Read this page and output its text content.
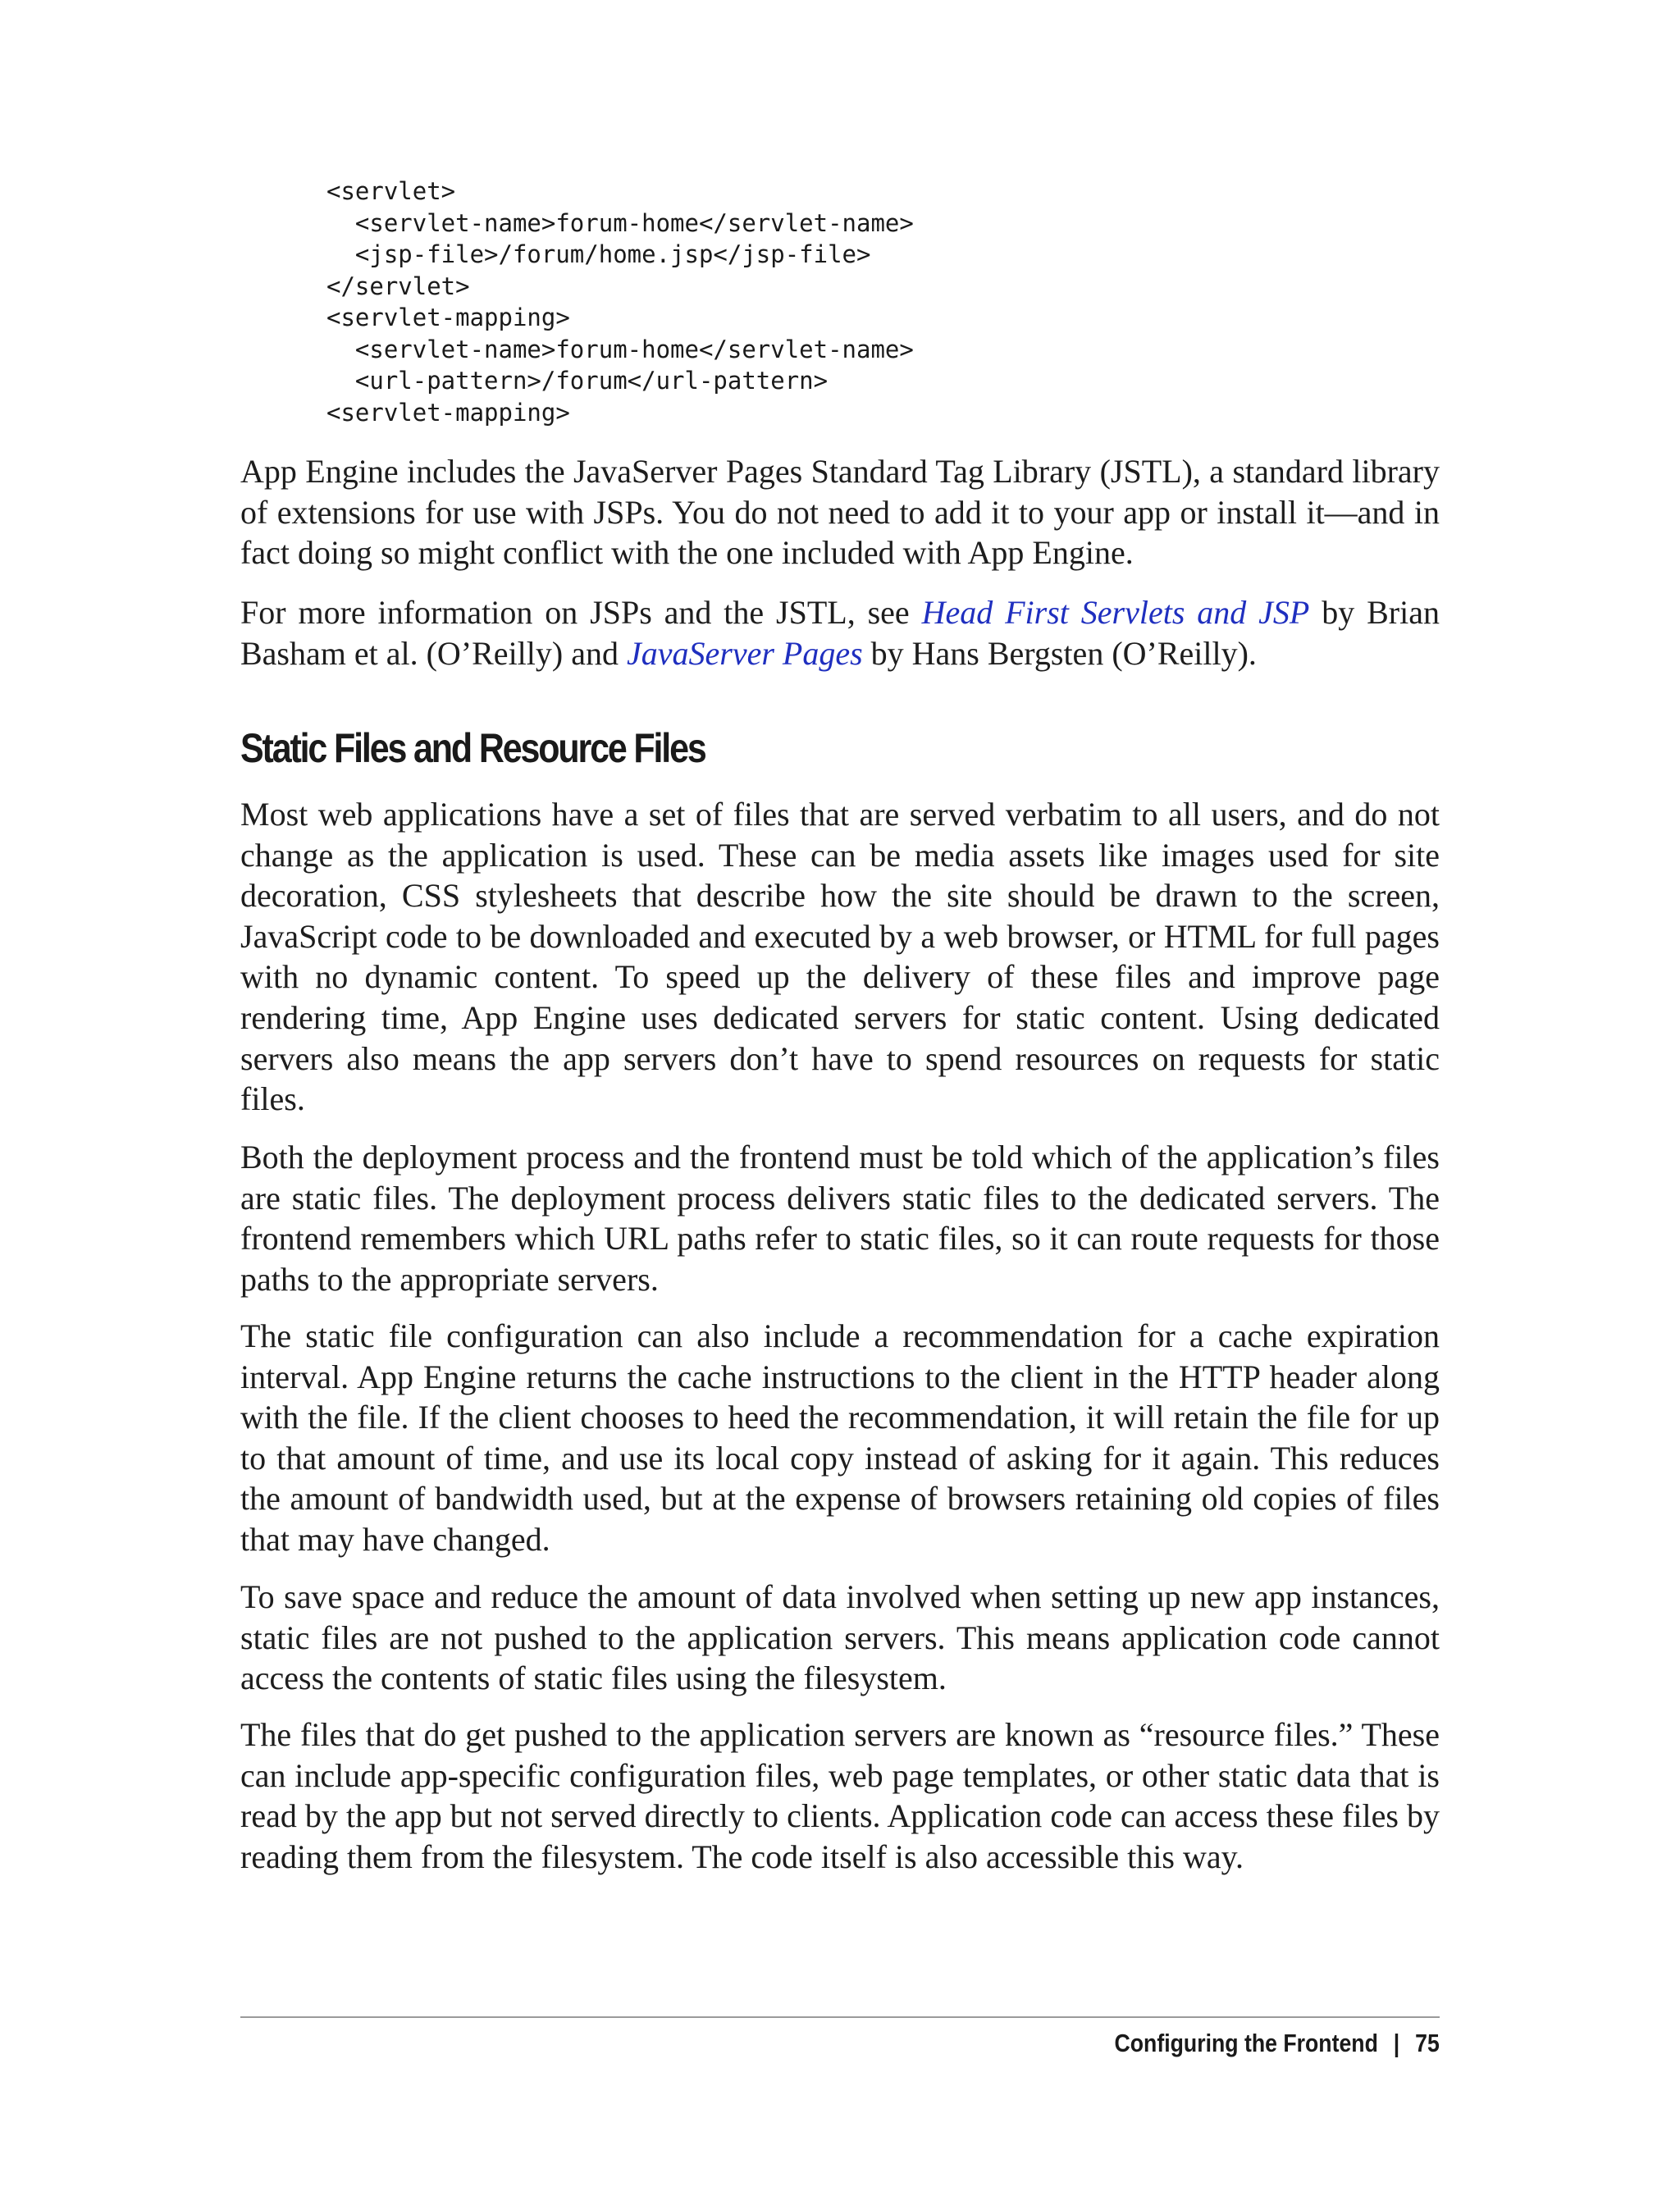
<servlet>
<servlet-name>forum-home</servlet-name>
<jsp-file>/forum/home.jsp</jsp-file>
</servlet>
<servlet-mapping>
<servlet-name>forum-home</servlet-name>
<url-pattern>/forum</url-pattern>
<servlet-mapping>

App Engine includes the JavaServer Pages Standard Tag Library (JSTL), a standard library of extensions for use with JSPs. You do not need to add it to your app or install it—and in fact doing so might conflict with the one included with App Engine.

For more information on JSPs and the JSTL, see Head First Servlets and JSP by Brian Basham et al. (O’Reilly) and JavaServer Pages by Hans Bergsten (O’Reilly).

Static Files and Resource Files

Most web applications have a set of files that are served verbatim to all users, and do not change as the application is used. These can be media assets like images used for site decoration, CSS stylesheets that describe how the site should be drawn to the screen, JavaScript code to be downloaded and executed by a web browser, or HTML for full pages with no dynamic content. To speed up the delivery of these files and improve page rendering time, App Engine uses dedicated servers for static content. Using dedicated servers also means the app servers don’t have to spend resources on requests for static files.

Both the deployment process and the frontend must be told which of the application’s files are static files. The deployment process delivers static files to the dedicated servers. The frontend remembers which URL paths refer to static files, so it can route requests for those paths to the appropriate servers.

The static file configuration can also include a recommendation for a cache expiration interval. App Engine returns the cache instructions to the client in the HTTP header along with the file. If the client chooses to heed the recommendation, it will retain the file for up to that amount of time, and use its local copy instead of asking for it again. This reduces the amount of bandwidth used, but at the expense of browsers retaining old copies of files that may have changed.

To save space and reduce the amount of data involved when setting up new app instances, static files are not pushed to the application servers. This means application code cannot access the contents of static files using the filesystem.

The files that do get pushed to the application servers are known as “resource files.” These can include app-specific configuration files, web page templates, or other static data that is read by the app but not served directly to clients. Application code can access these files by reading them from the filesystem. The code itself is also accessible this way.

Configuring the Frontend | 75
